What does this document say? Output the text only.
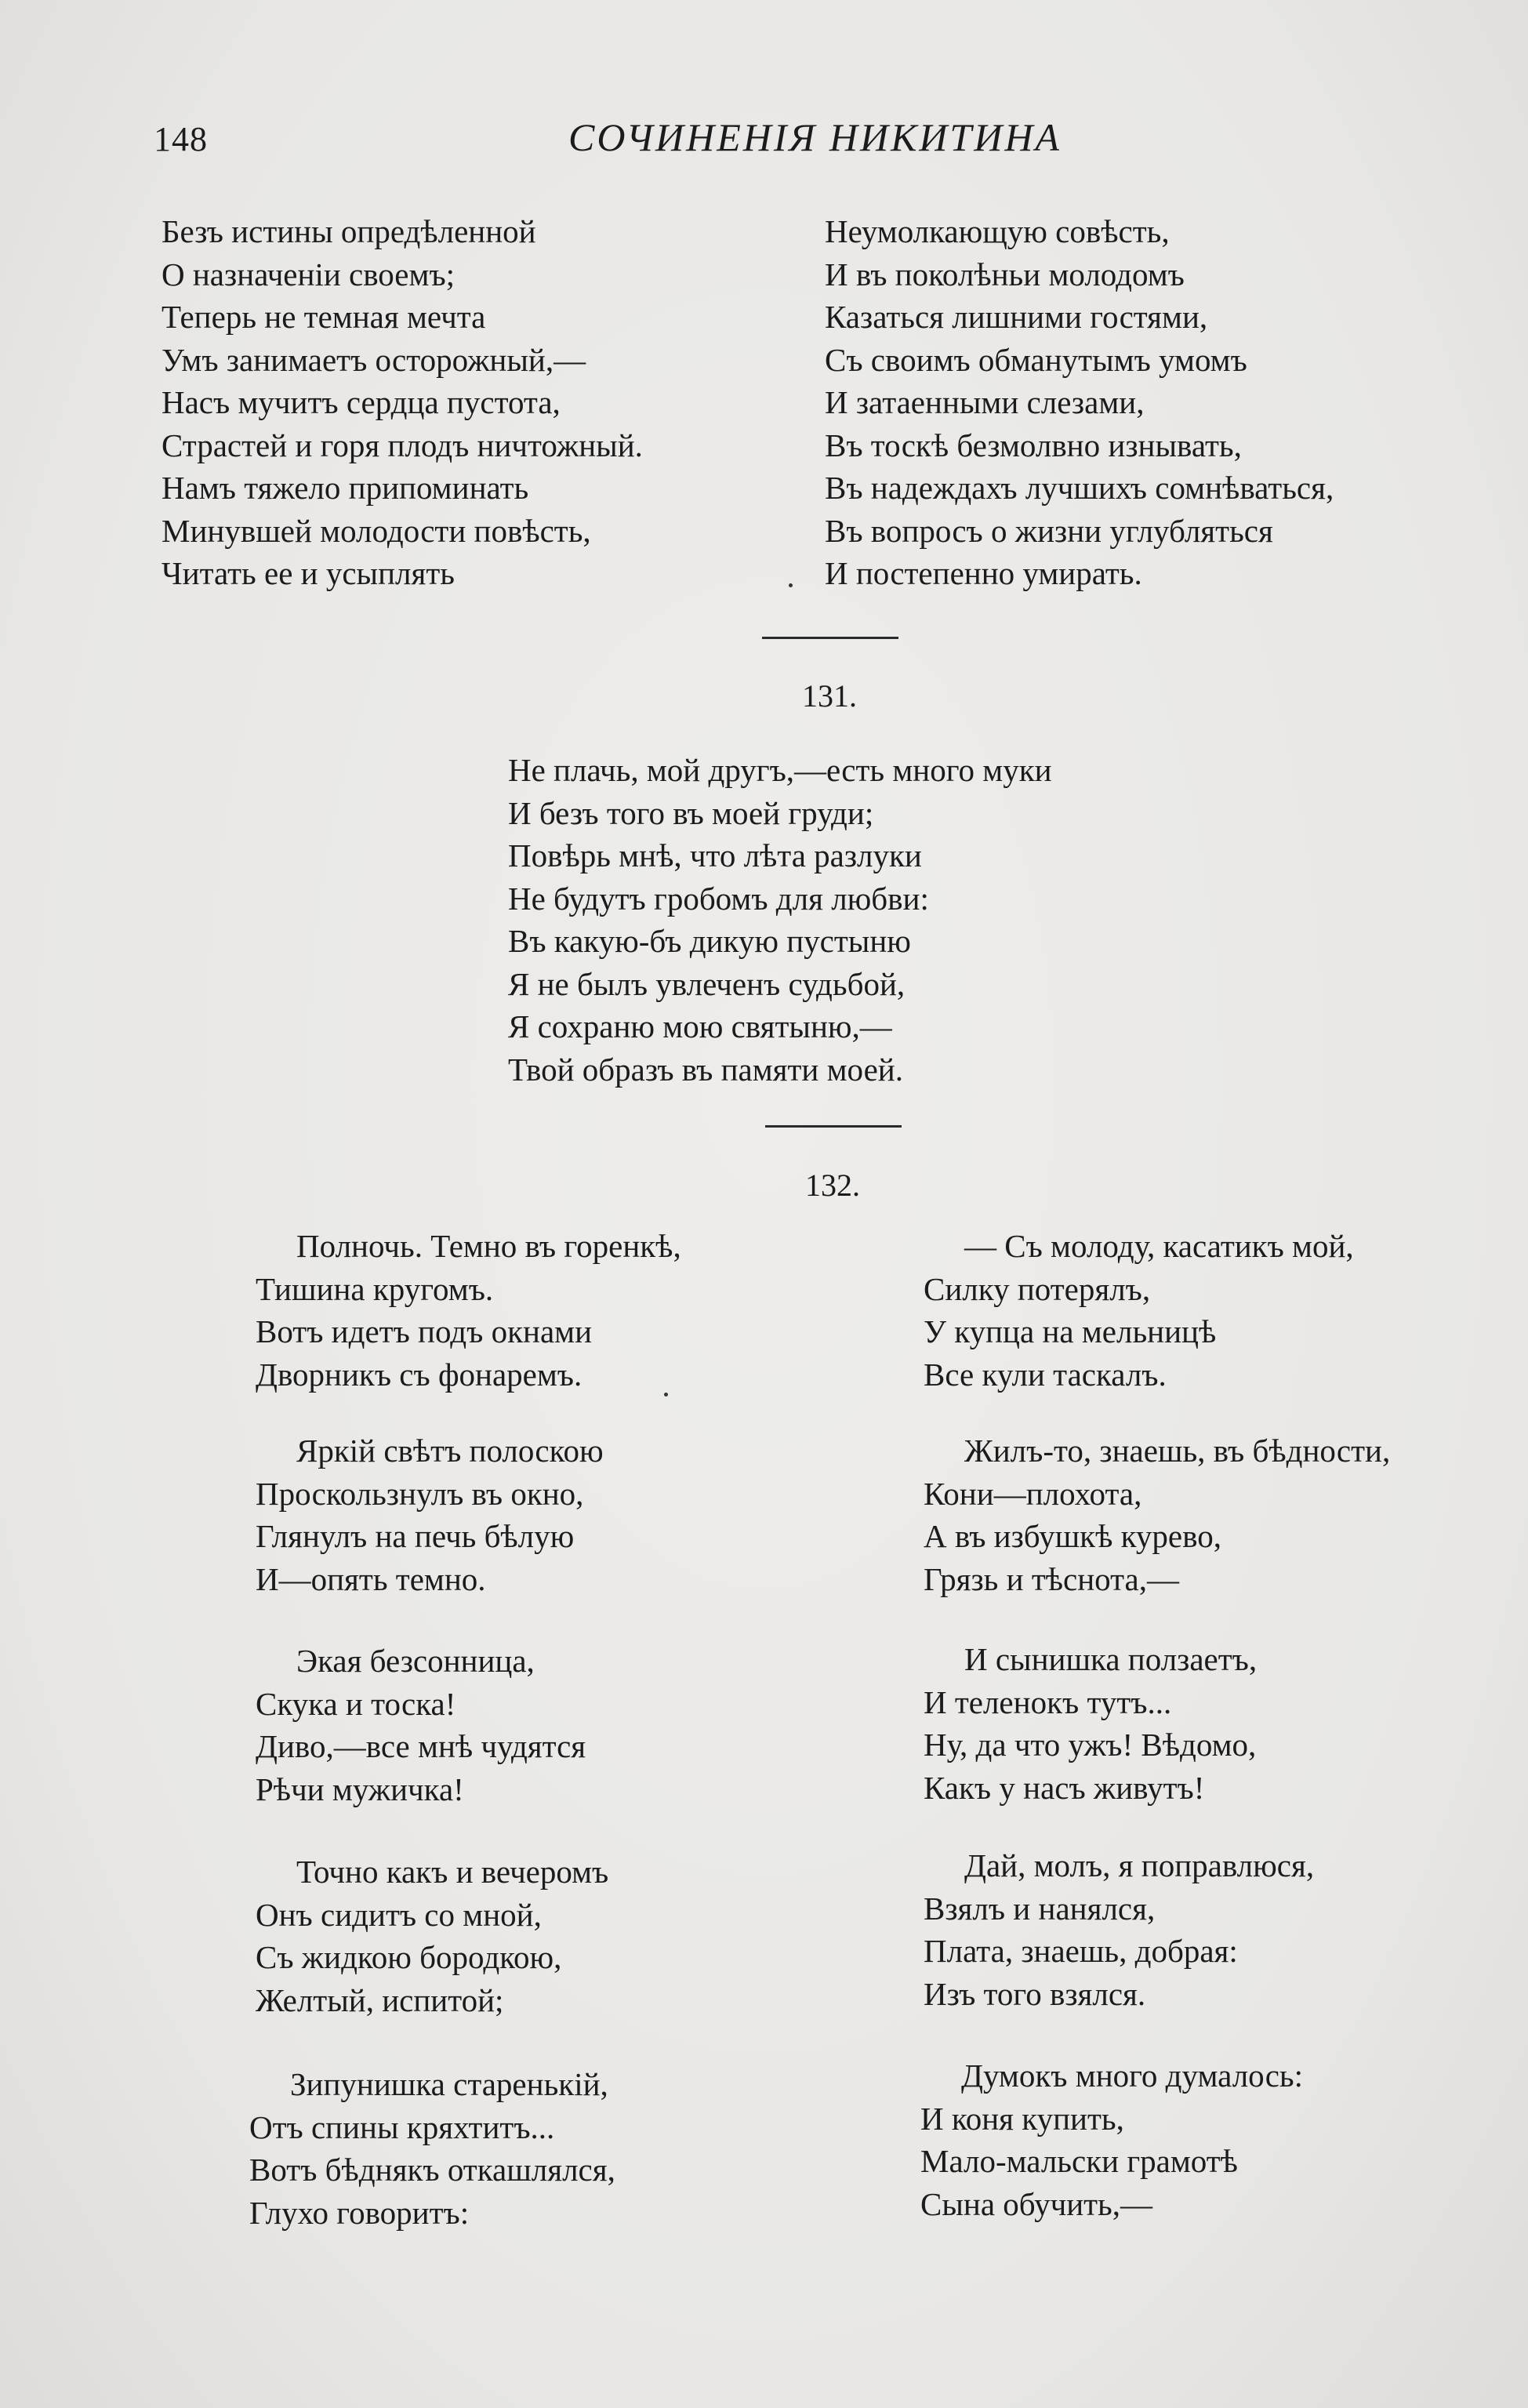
148	СОЧИНЕНІЯ НИКИТИНА
Безъ истины опредѣленной
О назначеніи своемъ;
Теперь не темная мечта
Умъ занимаетъ осторожный,—
Насъ мучитъ сердца пустота,
Страстей и горя плодъ ничтожный.
Намъ тяжело припоминать
Минувшей молодости повѣсть,
Читать ее и усыплять
Неумолкающую совѣсть,
И въ поколѣньи молодомъ
Казаться лишними гостями,
Съ своимъ обманутымъ умомъ
И затаенными слезами,
Въ тоскѣ безмолвно изнывать,
Въ надеждахъ лучшихъ сомнѣваться,
Въ вопросъ о жизни углубляться
И постепенно умирать.
131.
Не плачь, мой другъ,—есть много муки
И безъ того въ моей груди;
Повѣрь мнѣ, что лѣта разлуки
Не будутъ гробомъ для любви:
Въ какую-бъ дикую пустыню
Я не былъ увлеченъ судьбой,
Я сохраню мою святыню,—
Твой образъ въ памяти моей.
132.
Полночь. Темно въ горенкѣ,
Тишина кругомъ.
Вотъ идетъ подъ окнами
Дворникъ съ фонаремъ.
Яркій свѣтъ полоскою
Проскользнулъ въ окно,
Глянулъ на печь бѣлую
И—опять темно.
Экая безсонница,
Скука и тоска!
Диво,—все мнѣ чудятся
Рѣчи мужичка!
Точно какъ и вечеромъ
Онъ сидитъ со мной,
Съ жидкою бородкою,
Желтый, испитой;
Зипунишка старенькій,
Отъ спины кряхтитъ...
Вотъ бѣднякъ откашлялся,
Глухо говоритъ:
— Съ молоду, касатикъ мой,
Силку потерялъ,
У купца на мельницѣ
Все кули таскалъ.
Жилъ-то, знаешь, въ бѣдности,
Кони—плохота,
А въ избушкѣ курево,
Грязь и тѣснота,—
И сынишка ползаетъ,
И теленокъ тутъ...
Ну, да что ужъ! Вѣдомо,
Какъ у насъ живутъ!
Дай, молъ, я поправлюся,
Взялъ и нанялся,
Плата, знаешь, добрая:
Изъ того взялся.
Думокъ много думалось:
И коня купить,
Мало-мальски грамотѣ
Сына обучить,—
